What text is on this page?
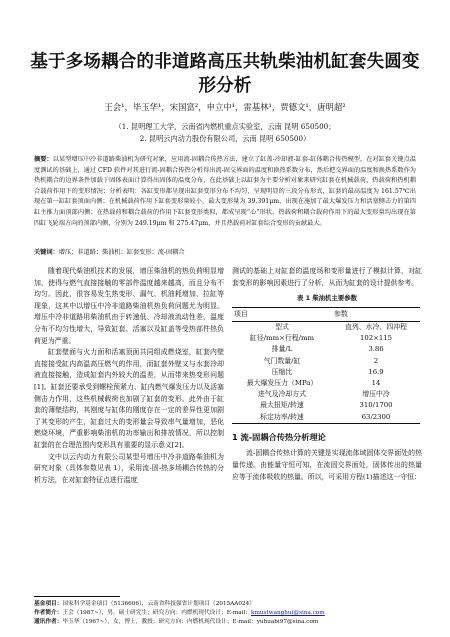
基于多场耦合的非道路高压共轨柴油机缸套失圆变形分析
王会¹，毕玉华¹，宋国富²，申立中¹，雷基林¹，贾德文¹，唐明超²
（1. 昆明理工大学，云南省内燃机重点实验室，云南 昆明 650500；
2. 昆明云内动力股份有限公司，云南 昆明 650500）
摘要：以某型增压中冷非道路柴油机为研究对象，应用流-固耦合传热方法，建立了缸盖-冷却液-缸套-缸体耦合传热模型，在对缸套关键点温度测试的基础上，通过 CFD 软件对其进行流-固耦合传热分析得出流-固交界面的温度和换热系数分布，然后把交界面的温度和换热系数作为热机耦合的边界条件加载于固体表面计算得出固体的温度分布，在此基础上以缸套为主要分析对象来研究缸套在机械载荷、热载荷和热机耦合载荷作用下的变形情况；分析表明：各缸变形都呈现出缸套变形分布不均匀，呈现明显的三段分布形式，缸套的最高温度为 161.57℃出现在第一缸缸套顶面内侧；在机械载荷作用下缸套变形量较小，最大变形量为 39.391μm，出现在施加了最大爆发压力和活塞侧击力的第四缸主推力面顶部内侧；在热载荷和耦合载荷的作用下缸套变形类似，都成呈现“心”形状，热载荷和耦合载荷作用下的最大变形量均出现在第四缸飞轮端方向的顶部内侧，分别为 249.19μm 和 275.47μm，并且热载荷对缸套综合变形的贡献最大。
关键词：增压；非道路；柴油机；缸套变形；流-固耦合

随着现代柴油机技术的发展，增压柴油机的热负荷明显增加，使得与燃气直接接触的零部件温度越来越高，而且分布不均匀。因此，很容易发生热变形、漏气、机油耗增加、拉缸等现象，这其中以增压中冷非道路柴油机热负荷问题尤为明显。增压中冷非道路用柴油机由于转速低、冷却液流动性差，温度分布不均匀性增大，导致缸套、活塞以及缸盖等受热部件热负荷更为严重。

缸套壁面与火力面和活塞顶面共同组成燃烧室，缸套内壁直接接受缸内高温高压燃气的作用，而缸套外壁又与水套冷却液直接接触，造成缸套内外较大的温差，从而带来热变形问题[1]。缸套还要承受到螺栓预紧力、缸内燃气爆发压力以及活塞侧击力作用，这些机械载荷也加剧了缸套的变形。此外由于缸套的薄壁结构，其刚度与缸体的刚度存在一定的差异性更加剧了其变形的产生，缸套过大的变形量会导致串气量增加，恶化燃烧环境，严重影响柴油机的功率输出和排放情况，所以控制缸套的在合理范围内变形具有重要的显示意义[2]。

文中以云内动力有限公司某型号增压中冷非道路柴油机为研究对象（具体参数见表 1），采用流-固-热多场耦合传热的分析方法，在对缸套特征点进行温度

测试的基础上对缸套的温度场和变形量进行了模拟计算，对缸套变形的影响因素进行了分析，从而为缸套的设计提供参考。

表 1 柴油机主要参数
项目	参数
型式	直列、水冷、四冲程
缸径/mm×行程/mm	102×115
排量/L	3.86
气门数量/缸	2
压缩比	16.9
最大爆发压力（MPa）	14
进气及冷却方式	增压中冷
最大扭矩/转速	310/1700
标定功率/转速	63/2300
1 流-固耦合传热分析理论

流-固耦合传热计算的关键是实现流体域固体交界面处的热量传递。由能量守恒可知，在流固交界面处，固体传出的热量应等于流体吸收的热量。所以，可采用方程(1)描述这一守恒：

基金项目：国家科学基金项目（5136606），云南省科技强省计划项目（2015AA024）
作者简介：王会（1987~），男，硕士研究生；研究方向：内燃机现代设计；E-mail：kmustwanghui@sina.com
通讯作者：毕玉华（1967~），女，博士，教授；研究方向：内燃机现代设计；E-mail：yuhuabi97@sina.com
